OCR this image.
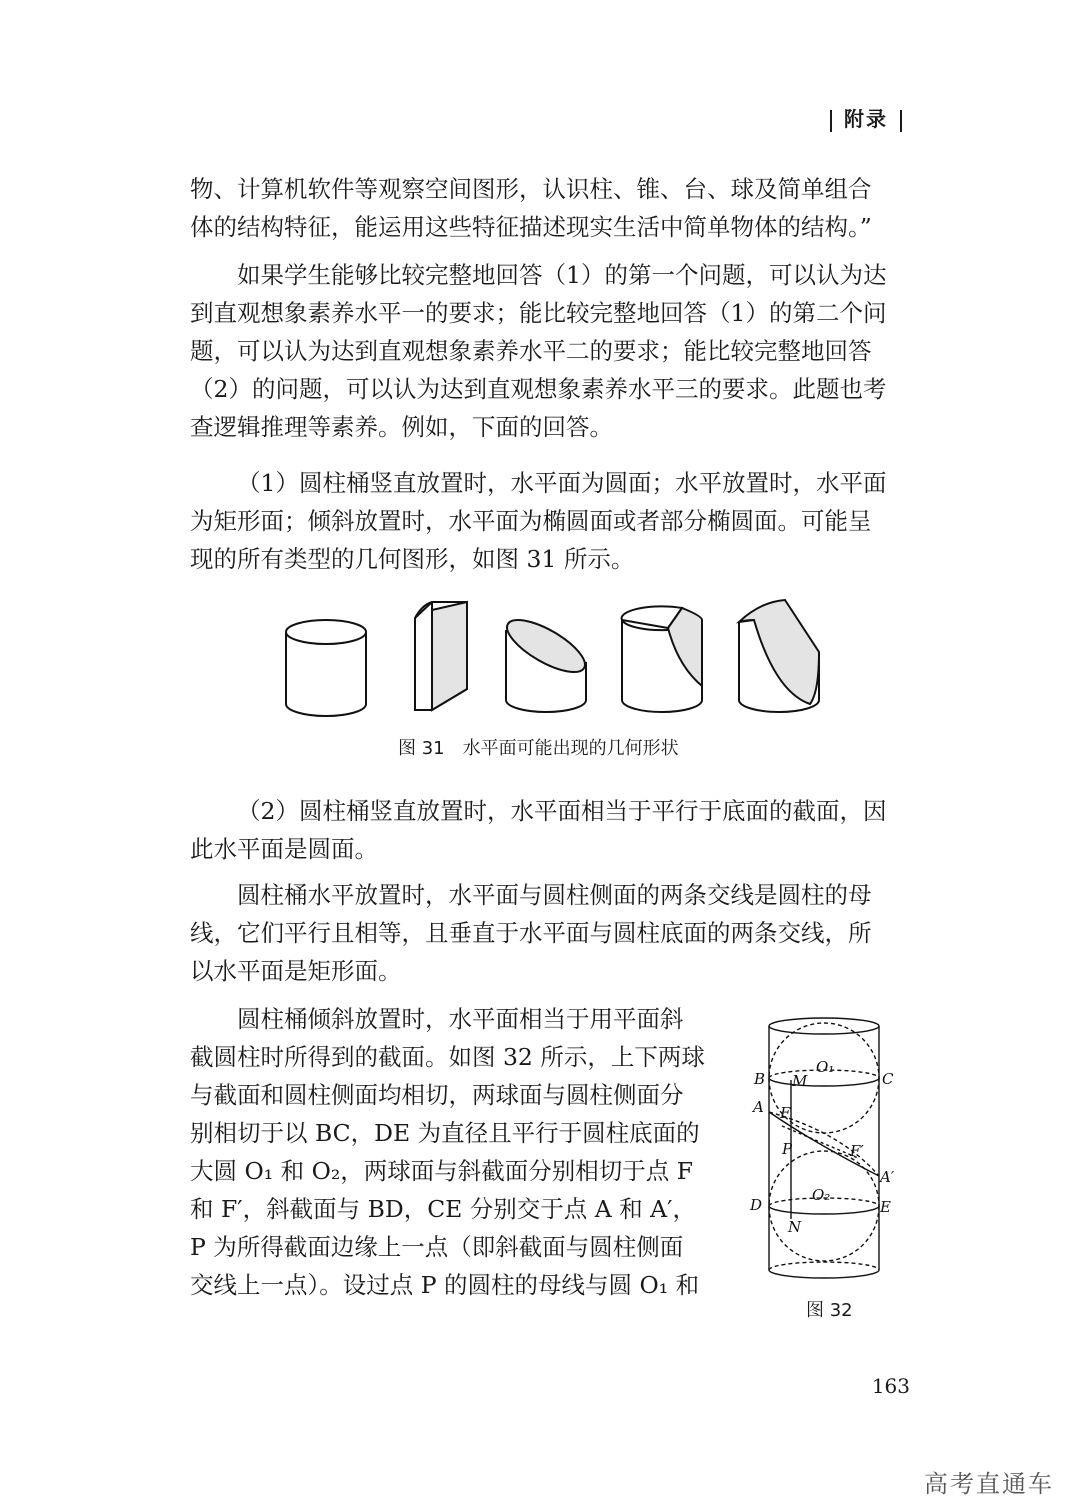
附录
物、计算机软件等观察空间图形，认识柱、锥、台、球及简单组合
体的结构特征，能运用这些特征描述现实生活中简单物体的结构。”
如果学生能够比较完整地回答（1）的第一个问题，可以认为达
到直观想象素养水平一的要求；能比较完整地回答（1）的第二个问
题，可以认为达到直观想象素养水平二的要求；能比较完整地回答
（2）的问题，可以认为达到直观想象素养水平三的要求。此题也考
查逻辑推理等素养。例如，下面的回答。
（1）圆柱桶竖直放置时，水平面为圆面；水平放置时，水平面
为矩形面；倾斜放置时，水平面为椭圆面或者部分椭圆面。可能呈
现的所有类型的几何图形，如图 31 所示。
图 31　水平面可能出现的几何形状
（2）圆柱桶竖直放置时，水平面相当于平行于底面的截面，因
此水平面是圆面。
圆柱桶水平放置时，水平面与圆柱侧面的两条交线是圆柱的母
线，它们平行且相等，且垂直于水平面与圆柱底面的两条交线，所
以水平面是矩形面。
圆柱桶倾斜放置时，水平面相当于用平面斜
截圆柱时所得到的截面。如图 32 所示，上下两球
与截面和圆柱侧面均相切，两球面与圆柱侧面分
别相切于以 BC，DE 为直径且平行于圆柱底面的
大圆 O₁ 和 O₂，两球面与斜截面分别相切于点 F
和 F′，斜截面与 BD，CE 分别交于点 A 和 A′，
P 为所得截面边缘上一点（即斜截面与圆柱侧面
交线上一点）。设过点 P 的圆柱的母线与圆 O₁ 和
B M
O₁
C
A F
P	F′
A′
D
O₂
E
N
图 32
163
高考直通车
